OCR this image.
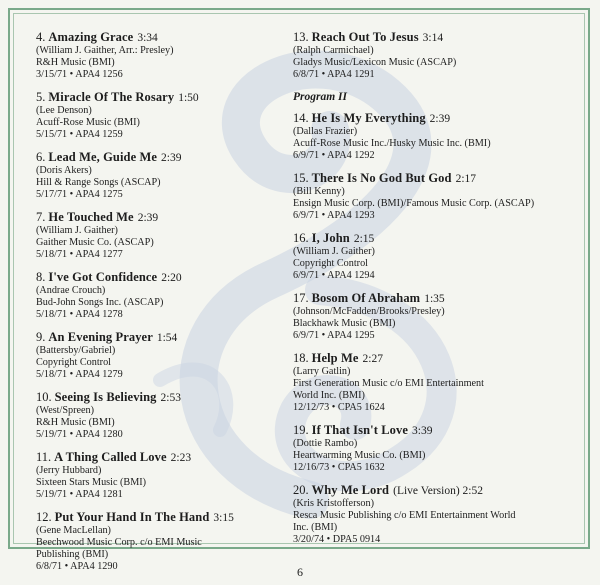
4. Amazing Grace 3:34
(William J. Gaither, Arr.: Presley)
R&H Music (BMI)
3/15/71 • APA4 1256
5. Miracle Of The Rosary 1:50
(Lee Denson)
Acuff-Rose Music (BMI)
5/15/71 • APA4 1259
6. Lead Me, Guide Me 2:39
(Doris Akers)
Hill & Range Songs (ASCAP)
5/17/71 • APA4 1275
7. He Touched Me 2:39
(William J. Gaither)
Gaither Music Co. (ASCAP)
5/18/71 • APA4 1277
8. I've Got Confidence 2:20
(Andrae Crouch)
Bud-John Songs Inc. (ASCAP)
5/18/71 • APA4 1278
9. An Evening Prayer 1:54
(Battersby/Gabriel)
Copyright Control
5/18/71 • APA4 1279
10. Seeing Is Believing 2:53
(West/Spreen)
R&H Music (BMI)
5/19/71 • APA4 1280
11. A Thing Called Love 2:23
(Jerry Hubbard)
Sixteen Stars Music (BMI)
5/19/71 • APA4 1281
12. Put Your Hand In The Hand 3:15
(Gene MacLellan)
Beechwood Music Corp. c/o EMI Music
Publishing (BMI)
6/8/71 • APA4 1290
13. Reach Out To Jesus 3:14
(Ralph Carmichael)
Gladys Music/Lexicon Music (ASCAP)
6/8/71 • APA4 1291
Program II
14. He Is My Everything 2:39
(Dallas Frazier)
Acuff-Rose Music Inc./Husky Music Inc. (BMI)
6/9/71 • APA4 1292
15. There Is No God But God 2:17
(Bill Kenny)
Ensign Music Corp. (BMI)/Famous Music Corp. (ASCAP)
6/9/71 • APA4 1293
16. I, John 2:15
(William J. Gaither)
Copyright Control
6/9/71 • APA4 1294
17. Bosom Of Abraham 1:35
(Johnson/McFadden/Brooks/Presley)
Blackhawk Music (BMI)
6/9/71 • APA4 1295
18. Help Me 2:27
(Larry Gatlin)
First Generation Music c/o EMI Entertainment
World Inc. (BMI)
12/12/73 • CPA5 1624
19. If That Isn't Love 3:39
(Dottie Rambo)
Heartwarming Music Co. (BMI)
12/16/73 • CPA5 1632
20. Why Me Lord (Live Version) 2:52
(Kris Kristofferson)
Resca Music Publishing c/o EMI Entertainment World
Inc. (BMI)
3/20/74 • DPA5 0914
6
